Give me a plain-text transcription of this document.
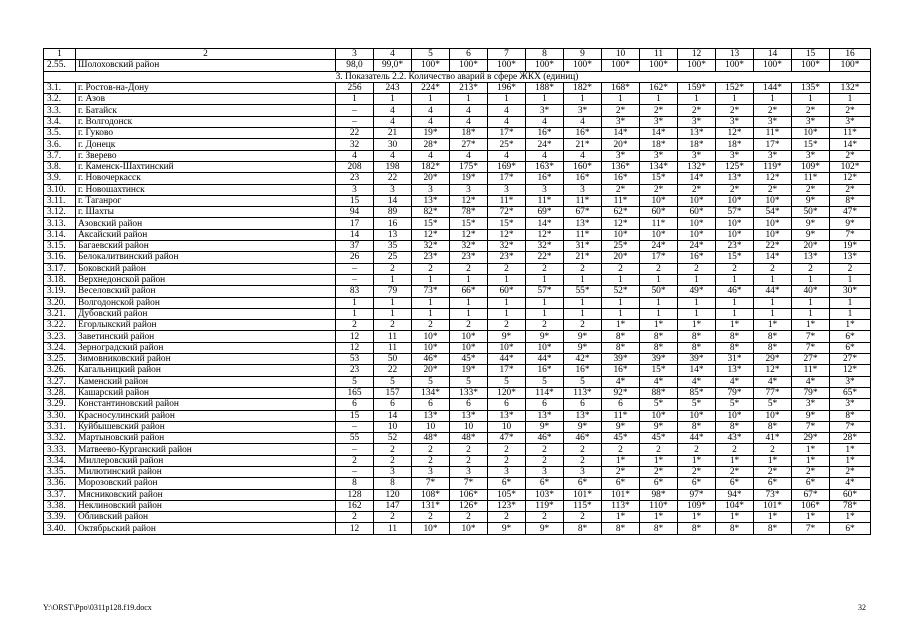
1	2	3	4	5	6	7	8	9	10	11	12	13	14	15	16
2.55.	Шолоховский район	98,0	99,0*	100*	100*	100*	100*	100*	100*	100*	100*	100*	100*	100*	100*
3. Показатель 2.2. Количество аварий в сфере ЖКХ (единиц)															
3.1.	г. Ростов-на-Дону	256	243	224*	213*	196*	188*	182*	168*	162*	159*	152*	144*	135*	132*
3.2.	г. Азов	1	1	1	1	1	1	1	1	1	1	1	1	1	1
3.3.	г. Батайск	–	4	4	4	4	3*	3*	2*	2*	2*	2*	2*	2*	2*
3.4.	г. Волгодонск	–	4	4	4	4	4	4	3*	3*	3*	3*	3*	3*	3*
3.5.	г. Гуково	22	21	19*	18*	17*	16*	16*	14*	14*	13*	12*	11*	10*	11*
3.6.	г. Донецк	32	30	28*	27*	25*	24*	21*	20*	18*	18*	18*	17*	15*	14*
3.7.	г. Зверево	4	4	4	4	4	4	4	3*	3*	3*	3*	3*	3*	2*
3.8.	г. Каменск-Шахтинский	208	198	182*	175*	169*	163*	160*	136*	134*	132*	125*	119*	109*	102*
3.9.	г. Новочеркасск	23	22	20*	19*	17*	16*	16*	16*	15*	14*	13*	12*	11*	12*
3.10.	г. Новошахтинск	3	3	3	3	3	3	3	2*	2*	2*	2*	2*	2*	2*
3.11.	г. Таганрог	15	14	13*	12*	11*	11*	11*	11*	10*	10*	10*	10*	9*	8*
3.12.	г. Шахты	94	89	82*	78*	72*	69*	67*	62*	60*	60*	57*	54*	50*	47*
3.13.	Азовский район	17	16	15*	15*	15*	14*	13*	12*	11*	10*	10*	10*	9*	9*
3.14.	Аксайский район	14	13	12*	12*	12*	12*	11*	10*	10*	10*	10*	10*	9*	7*
3.15.	Багаевский район	37	35	32*	32*	32*	32*	31*	25*	24*	24*	23*	22*	20*	19*
3.16.	Белокалитвинский район	26	25	23*	23*	23*	22*	21*	20*	17*	16*	15*	14*	13*	13*
3.17.	Боковский район	–	2	2	2	2	2	2	2	2	2	2	2	2	2
3.18.	Верхнедонской район	–	1	1	1	1	1	1	1	1	1	1	1	1	1
3.19.	Веселовский район	83	79	73*	66*	60*	57*	55*	52*	50*	49*	46*	44*	40*	30*
3.20.	Волгодонской район	1	1	1	1	1	1	1	1	1	1	1	1	1	1
3.21.	Дубовский район	1	1	1	1	1	1	1	1	1	1	1	1	1	1
3.22.	Егорлыкский район	2	2	2	2	2	2	2	1*	1*	1*	1*	1*	1*	1*
3.23.	Заветинский район	12	11	10*	10*	9*	9*	9*	8*	8*	8*	8*	8*	7*	6*
3.24.	Зерноградский район	12	11	10*	10*	10*	10*	9*	8*	8*	8*	8*	8*	7*	6*
3.25.	Зимовниковский район	53	50	46*	45*	44*	44*	42*	39*	39*	39*	31*	29*	27*	27*
3.26.	Кагальницкий район	23	22	20*	19*	17*	16*	16*	16*	15*	14*	13*	12*	11*	12*
3.27.	Каменский район	5	5	5	5	5	5	5	4*	4*	4*	4*	4*	4*	3*
3.28.	Кашарский район	165	157	134*	133*	120*	114*	113*	92*	88*	85*	79*	77*	79*	65*
3.29.	Константиновский район	6	6	6	6	6	6	6	6	5*	5*	5*	5*	3*	3*
3.30.	Красносулинский район	15	14	13*	13*	13*	13*	13*	11*	10*	10*	10*	10*	9*	8*
3.31.	Куйбышевский район	–	10	10	10	10	9*	9*	9*	9*	8*	8*	8*	7*	7*
3.32.	Мартыновский район	55	52	48*	48*	47*	46*	46*	45*	45*	44*	43*	41*	29*	28*
3.33.	Матвеево-Курганский район	–	2	2	2	2	2	2	2	2	2	2	2	1*	1*
3.34.	Миллеровский район	2	2	2	2	2	2	2	1*	1*	1*	1*	1*	1*	1*
3.35.	Милютинский район	–	3	3	3	3	3	3	2*	2*	2*	2*	2*	2*	2*
3.36.	Морозовский район	8	8	7*	7*	6*	6*	6*	6*	6*	6*	6*	6*	6*	4*
3.37.	Мясниковский район	128	120	108*	106*	105*	103*	101*	101*	98*	97*	94*	73*	67*	60*
3.38.	Неклиновский район	162	147	131*	126*	123*	119*	115*	113*	110*	109*	104*	101*	106*	78*
3.39.	Обливский район	2	2	2	2	2	2	2	1*	1*	1*	1*	1*	1*	1*
3.40.	Октябрьский район	12	11	10*	10*	9*	9*	8*	8*	8*	8*	8*	8*	7*	6*
Y:\ORST\Ppo\0311p128.f19.docx	32
